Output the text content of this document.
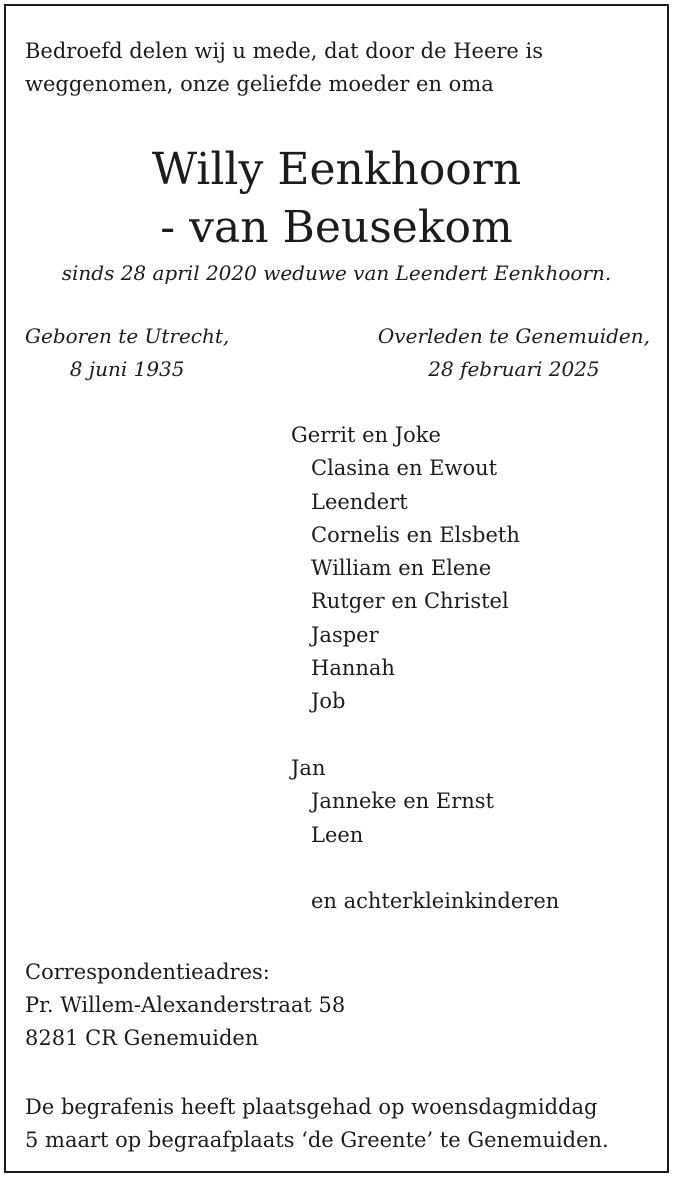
Bedroefd delen wij u mede, dat door de Heere is
weggenomen, onze geliefde moeder en oma
Willy Eenkhoorn
- van Beusekom
sinds 28 april 2020 weduwe van Leendert Eenkhoorn.
Geboren te Utrecht,
8 juni 1935
Overleden te Genemuiden,
28 februari 2025
Gerrit en Joke
Clasina en Ewout
Leendert
Cornelis en Elsbeth
William en Elene
Rutger en Christel
Jasper
Hannah
Job
Jan
Janneke en Ernst
Leen
en achterkleinkinderen
Correspondentieadres:
Pr. Willem-Alexanderstraat 58
8281 CR Genemuiden
De begrafenis heeft plaatsgehad op woensdagmiddag
5 maart op begraafplaats ‘de Greente’ te Genemuiden.
